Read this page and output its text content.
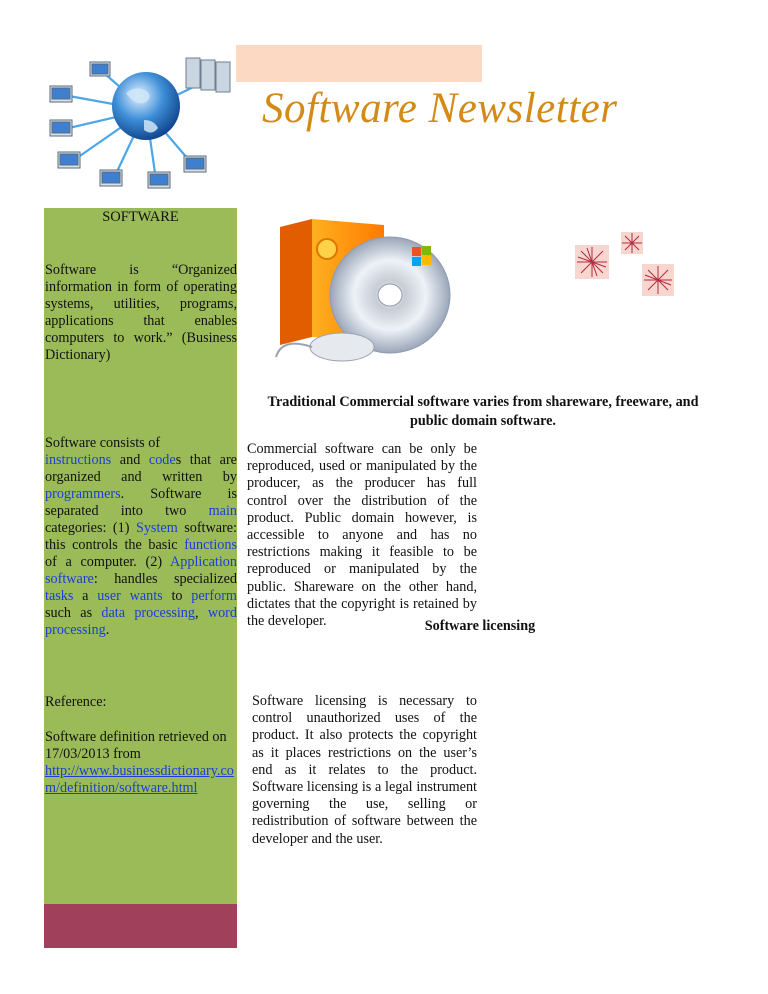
Software Newsletter
SOFTWARE
Software is “Organized information in form of operating systems, utilities, programs, applications that enables computers to work.” (Business Dictionary)
Software consists of
instructions and codes that are organized and written by programmers. Software is separated into two main categories: (1) System software: this controls the basic functions of a computer. (2) Application software: handles specialized tasks a user wants to perform such as data processing, word processing.
Reference:
Software definition retrieved on 17/03/2013 from
http://www.businessdictionary.com/definition/software.html
Traditional Commercial software varies from shareware, freeware, and public domain software.
Commercial software can be only be reproduced, used or manipulated by the producer, as the producer has full control over the distribution of the product. Public domain however, is accessible to anyone and has no restrictions making it feasible to be reproduced or manipulated by the public. Shareware on the other hand, dictates that the copyright is retained by the developer.	Software licensing
Software licensing is necessary to control unauthorized uses of the product. It also protects the copyright as it places restrictions on the user’s end as it relates to the product. Software licensing is a legal instrument governing the use, selling or redistribution of software between the developer and the user.
